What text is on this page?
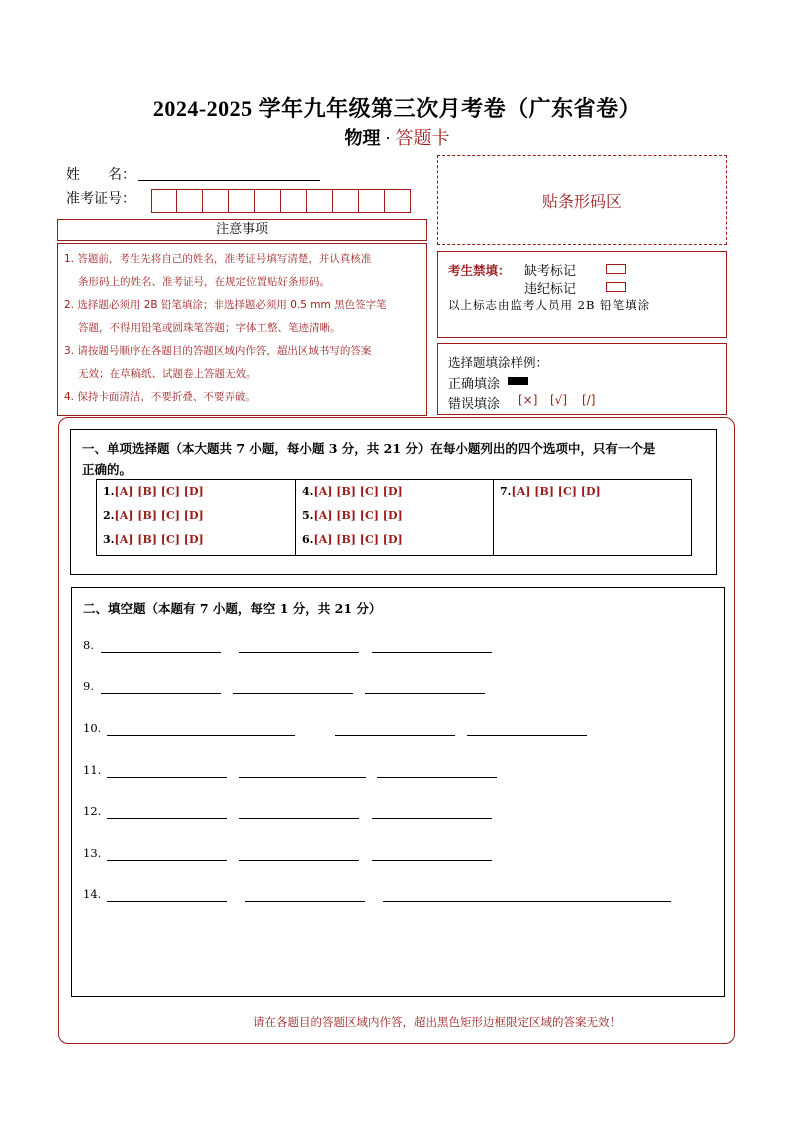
2024-2025 学年九年级第三次月考卷（广东省卷）
物理 · 答题卡
姓　　名：
准考证号：	贴条形码区
注意事项
1. 答题前，考生先将自己的姓名，准考证号填写清楚，并认真核准
条形码上的姓名、准考证号，在规定位置贴好条形码。
2. 选择题必须用 2B 铅笔填涂；非选择题必须用 0.5 mm 黑色签字笔
答题，不得用铅笔或圆珠笔答题；字体工整、笔迹清晰。
3. 请按题号顺序在各题目的答题区域内作答，超出区域书写的答案
无效；在草稿纸、试题卷上答题无效。
4. 保持卡面清洁，不要折叠、不要弄破。
考生禁填： 缺考标记
违纪标记
以上标志由监考人员用 2B 铅笔填涂
选择题填涂样例：
正确填涂
错误填涂 [×] [√] [/]
一、单项选择题（本大题共 7 小题，每小题 3 分，共 21 分）在每小题列出的四个选项中，只有一个是
正确的。
1.[A] [B] [C] [D]
2.[A] [B] [C] [D]
3.[A] [B] [C] [D]
4.[A] [B] [C] [D]
5.[A] [B] [C] [D]
6.[A] [B] [C] [D]
7.[A] [B] [C] [D]
二、填空题（本题有 7 小题，每空 1 分，共 21 分）
8.
9.
10.
11.
12.
13.
14.
请在各题目的答题区域内作答，超出黑色矩形边框限定区域的答案无效！
